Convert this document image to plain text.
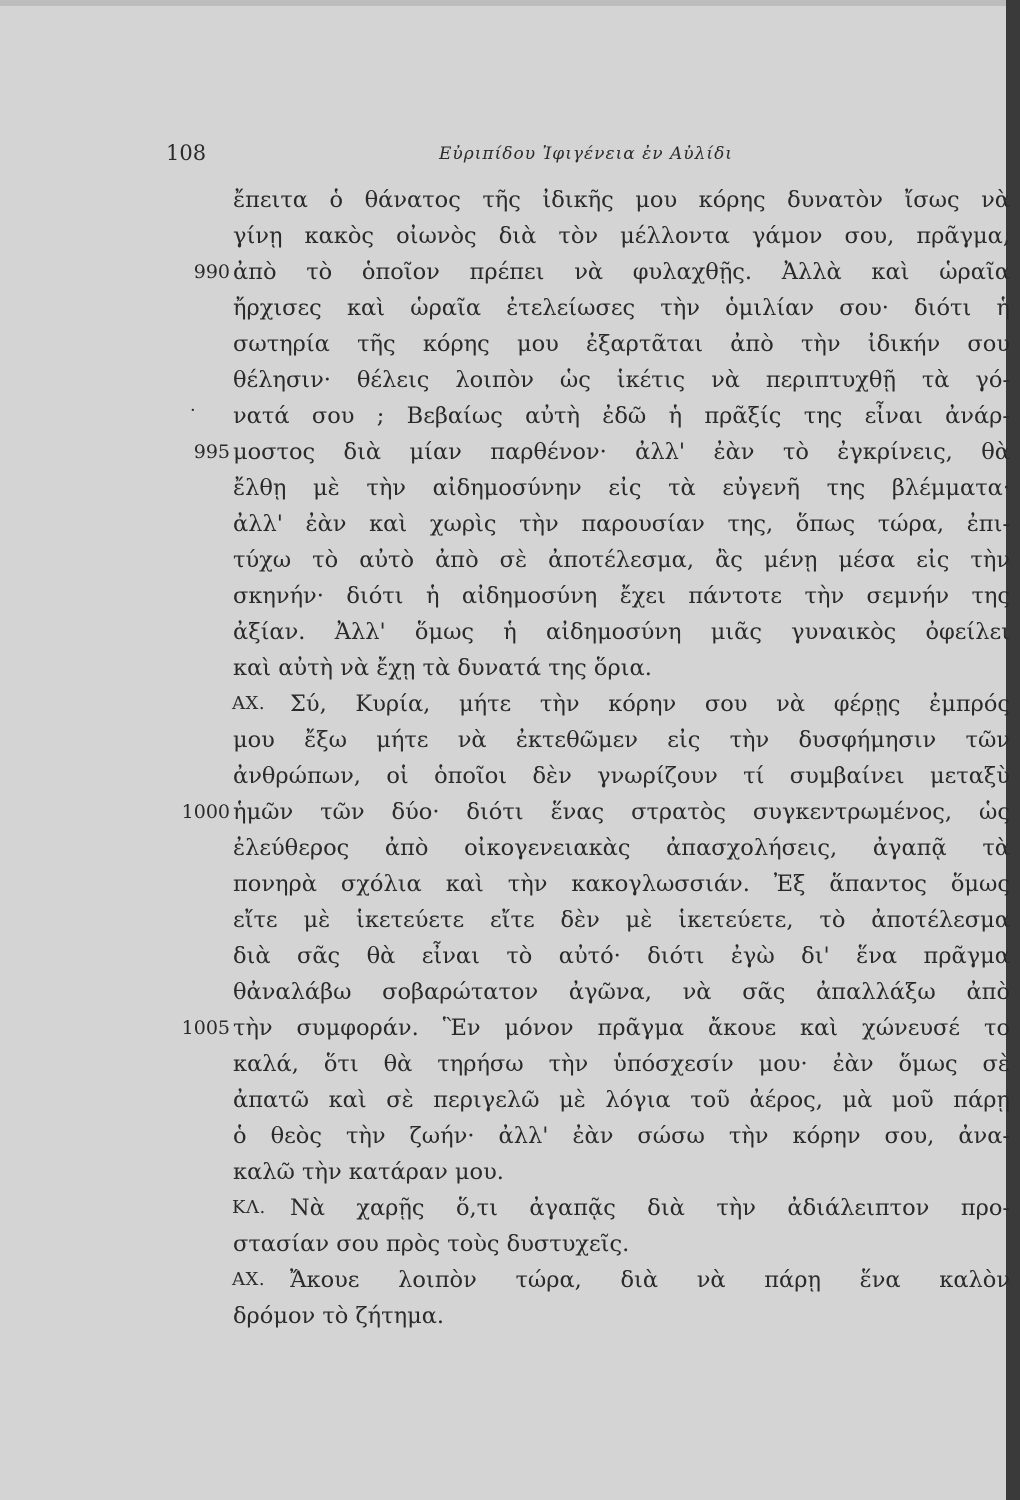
108	Εὐριπίδου Ἰφιγένεια ἐν Αὐλίδι
ἔπειτα ὁ θάνατος τῆς ἰδικῆς μου κόρης δυνατὸν ἴσως νὰ
γίνῃ κακὸς οἰωνὸς διὰ τὸν μέλλοντα γάμον σου, πρᾶγμα,
990 ἀπὸ τὸ ὁποῖον πρέπει νὰ φυλαχθῇς. Ἀλλὰ καὶ ὡραῖα
ἤρχισες καὶ ὡραῖα ἐτελείωσες τὴν ὁμιλίαν σου· διότι ἡ
σωτηρία τῆς κόρης μου ἐξαρτᾶται ἀπὸ τὴν ἰδικήν σου
θέλησιν· θέλεις λοιπὸν ὡς ἱκέτις νὰ περιπτυχθῇ τὰ γό-
· νατά σου ; Βεβαίως αὐτὴ ἐδῶ ἡ πρᾶξίς της εἶναι ἀνάρ-
995 μοστος διὰ μίαν παρθένον· ἀλλ' ἐὰν τὸ ἐγκρίνεις, θὰ
ἔλθῃ μὲ τὴν αἰδημοσύνην εἰς τὰ εὐγενῆ της βλέμματα·
ἀλλ' ἐὰν καὶ χωρὶς τὴν παρουσίαν της, ὅπως τώρα, ἐπι-
τύχω τὸ αὐτὸ ἀπὸ σὲ ἀποτέλεσμα, ἂς μένῃ μέσα εἰς τὴν
σκηνήν· διότι ἡ αἰδημοσύνη ἔχει πάντοτε τὴν σεμνήν της
ἀξίαν. Ἀλλ' ὅμως ἡ αἰδημοσύνη μιᾶς γυναικὸς ὀφείλει
καὶ αὐτὴ νὰ ἔχῃ τὰ δυνατά της ὅρια.
ΑΧ.	Σύ, Κυρία, μήτε τὴν κόρην σου νὰ φέρῃς ἐμπρός
μου ἔξω μήτε νὰ ἐκτεθῶμεν εἰς τὴν δυσφήμησιν τῶν
ἀνθρώπων, οἱ ὁποῖοι δὲν γνωρίζουν τί συμβαίνει μεταξὺ
1000 ἡμῶν τῶν δύο· διότι ἕνας στρατὸς συγκεντρωμένος, ὡς
ἐλεύθερος ἀπὸ οἰκογενειακὰς ἀπασχολήσεις, ἀγαπᾷ τὰ
πονηρὰ σχόλια καὶ τὴν κακογλωσσιάν. Ἐξ ἅπαντος ὅμως
εἴτε μὲ ἱκετεύετε εἴτε δὲν μὲ ἱκετεύετε, τὸ ἀποτέλεσμα
διὰ σᾶς θὰ εἶναι τὸ αὐτό· διότι ἐγὼ δι' ἕνα πρᾶγμα
θἀναλάβω σοβαρώτατον ἀγῶνα, νὰ σᾶς ἀπαλλάξω ἀπὸ
1005 τὴν συμφοράν. Ἓν μόνον πρᾶγμα ἄκουε καὶ χώνευσέ το
καλά, ὅτι θὰ τηρήσω τὴν ὑπόσχεσίν μου· ἐὰν ὅμως σὲ
ἀπατῶ καὶ σὲ περιγελῶ μὲ λόγια τοῦ ἀέρος, μὰ μοῦ πάρῃ
ὁ θεὸς τὴν ζωήν· ἀλλ' ἐὰν σώσω τὴν κόρην σου, ἀνα-
καλῶ τὴν κατάραν μου.
ΚΛ.	Νὰ χαρῇς ὅ,τι ἀγαπᾷς διὰ τὴν ἀδιάλειπτον προ-
στασίαν σου πρὸς τοὺς δυστυχεῖς.
ΑΧ.	Ἄκουε λοιπὸν τώρα, διὰ νὰ πάρῃ ἕνα καλὸν
δρόμον τὸ ζήτημα.
